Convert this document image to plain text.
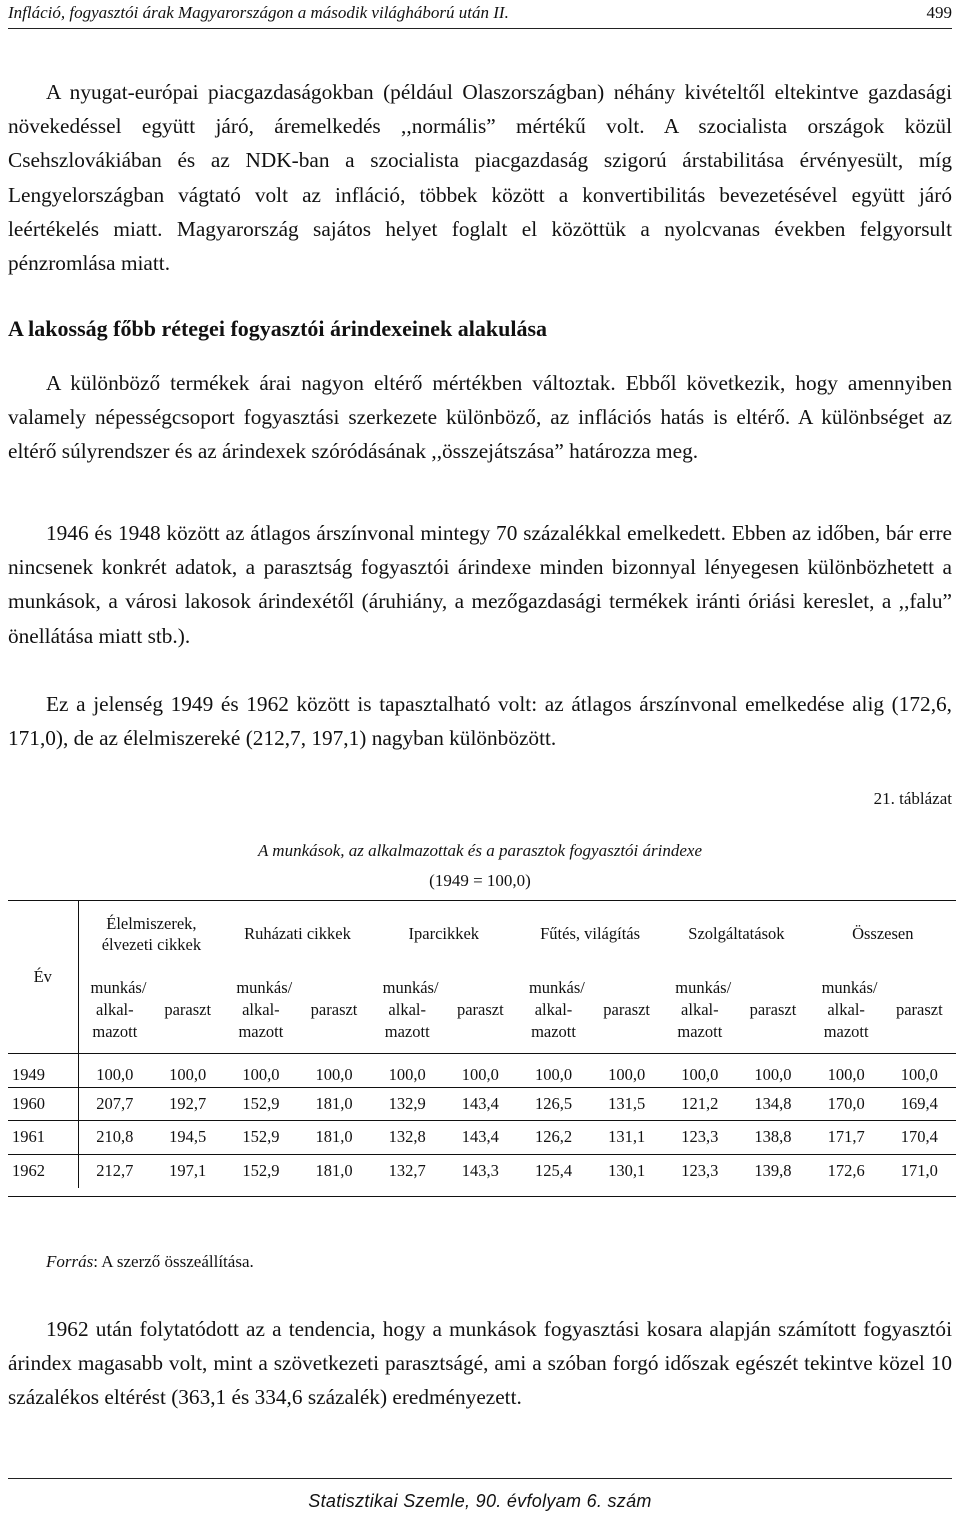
Infláció, fogyasztói árak Magyarországon a második világháború után II.	499

A nyugat-európai piacgazdaságokban (például Olaszországban) néhány kivételtől eltekintve gazdasági növekedéssel együtt járó, áremelkedés ,,normális” mértékű volt. A szocialista országok közül Csehszlovákiában és az NDK-ban a szocialista piacgazdaság szigorú árstabilitása érvényesült, míg Lengyelországban vágtató volt az infláció, többek között a konvertibilitás bevezetésével együtt járó leértékelés miatt. Magyarország sajátos helyet foglalt el közöttük a nyolcvanas években felgyorsult pénzromlása miatt.

A lakosság főbb rétegei fogyasztói árindexeinek alakulása

A különböző termékek árai nagyon eltérő mértékben változtak. Ebből következik, hogy amennyiben valamely népességcsoport fogyasztási szerkezete különböző, az inflációs hatás is eltérő. A különbséget az eltérő súlyrendszer és az árindexek szóródásának ,,összejátszása” határozza meg.

1946 és 1948 között az átlagos árszínvonal mintegy 70 százalékkal emelkedett. Ebben az időben, bár erre nincsenek konkrét adatok, a parasztság fogyasztói árindexe minden bizonnyal lényegesen különbözhetett a munkások, a városi lakosok árindexétől (áruhiány, a mezőgazdasági termékek iránti óriási kereslet, a ,,falu” önellátása miatt stb.).

Ez a jelenség 1949 és 1962 között is tapasztalható volt: az átlagos árszínvonal emelkedése alig (172,6, 171,0), de az élelmiszereké (212,7, 197,1) nagyban különbözött.

21. táblázat
A munkások, az alkalmazottak és a parasztok fogyasztói árindexe
(1949 = 100,0)
Év	Élelmiszerek, élvezeti cikkek		Ruházati cikkek		Iparcikkek		Fűtés, világítás		Szolgáltatások		Összesen	
	munkás/ alkal- mazott	paraszt	munkás/ alkal- mazott	paraszt	munkás/ alkal- mazott	paraszt	munkás/ alkal- mazott	paraszt	munkás/ alkal- mazott	paraszt	munkás/ alkal- mazott	paraszt
1949	100,0	100,0	100,0	100,0	100,0	100,0	100,0	100,0	100,0	100,0	100,0	100,0
1960	207,7	192,7	152,9	181,0	132,9	143,4	126,5	131,5	121,2	134,8	170,0	169,4
1961	210,8	194,5	152,9	181,0	132,8	143,4	126,2	131,1	123,3	138,8	171,7	170,4
1962	212,7	197,1	152,9	181,0	132,7	143,3	125,4	130,1	123,3	139,8	172,6	171,0

Forrás: A szerző összeállítása.

1962 után folytatódott az a tendencia, hogy a munkások fogyasztási kosara alapján számított fogyasztói árindex magasabb volt, mint a szövetkezeti parasztságé, ami a szóban forgó időszak egészét tekintve közel 10 százalékos eltérést (363,1 és 334,6 százalék) eredményezett.

Statisztikai Szemle, 90. évfolyam 6. szám
